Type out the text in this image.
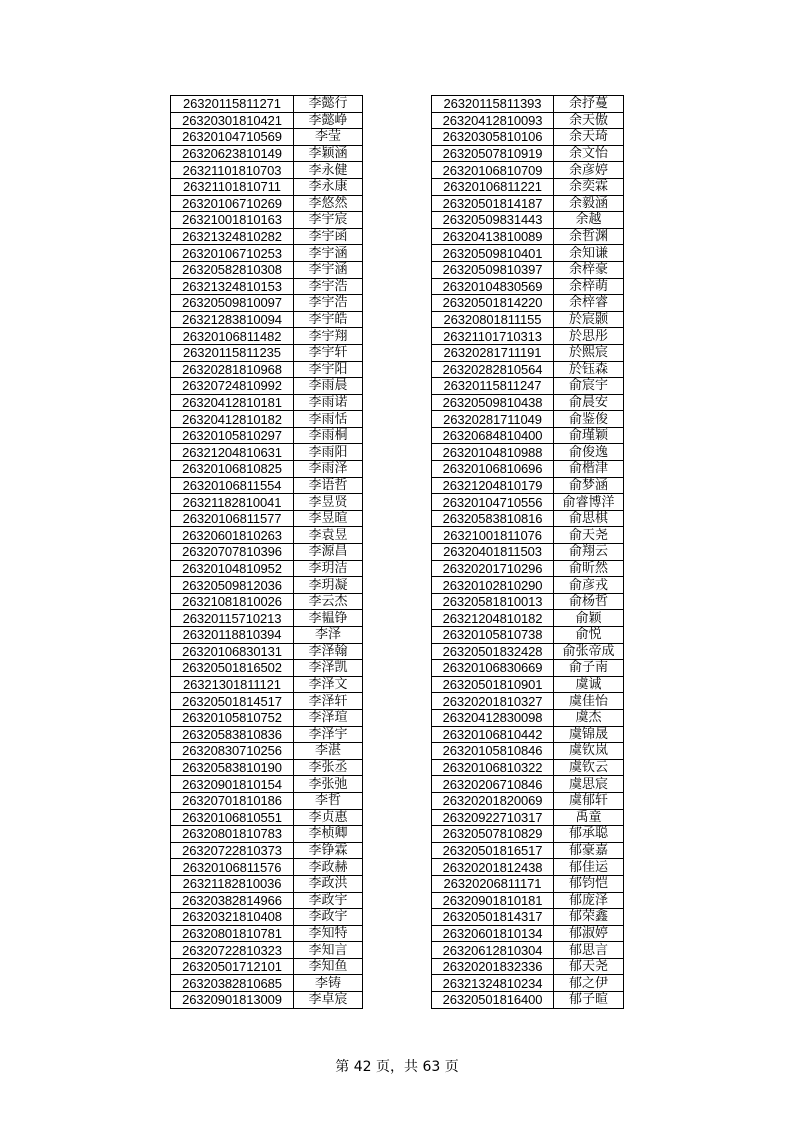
26320115811271	李懿行
26320301810421	李懿峥
26320104710569	李莹
26320623810149	李颖涵
26321101810703	李永健
26321101810711	李永康
26320106710269	李悠然
26321001810163	李宇宸
26321324810282	李宇函
26320106710253	李宇涵
26320582810308	李宇涵
26321324810153	李宇浩
26320509810097	李宇浩
26321283810094	李宇皓
26320106811482	李宇翔
26320115811235	李宇轩
26320281810968	李宇阳
26320724810992	李雨晨
26320412810181	李雨诺
26320412810182	李雨恬
26320105810297	李雨桐
26321204810631	李雨阳
26320106810825	李雨泽
26320106811554	李语哲
26321182810041	李昱贤
26320106811577	李昱暄
26320601810263	李袁昱
26320707810396	李源昌
26320104810952	李玥洁
26320509812036	李玥凝
26321081810026	李云杰
26320115710213	李韫铮
26320118810394	李泽
26320106830131	李泽翰
26320501816502	李泽凯
26321301811121	李泽文
26320501814517	李泽轩
26320105810752	李泽瑄
26320583810836	李泽宇
26320830710256	李湛
26320583810190	李张丞
26320901810154	李张弛
26320701810186	李哲
26320106810551	李贞惠
26320801810783	李桢卿
26320722810373	李铮霖
26320106811576	李政赫
26321182810036	李政洪
26320382814966	李政宇
26320321810408	李政宇
26320801810781	李知特
26320722810323	李知言
26320501712101	李知鱼
26320382810685	李铸
26320901813009	李卓宸
26320115811393	余抒蔓
26320412810093	余天傲
26320305810106	余天琦
26320507810919	余文怡
26320106810709	余彦婷
26320106811221	余奕霖
26320501814187	余毅涵
26320509831443	余越
26320413810089	余哲渊
26320509810401	余知谦
26320509810397	余梓豪
26320104830569	余梓萌
26320501814220	余梓睿
26320801811155	於宸颢
26321101710313	於思彤
26320281711191	於熙宸
26320282810564	於钰森
26320115811247	俞宸宇
26320509810438	俞晨安
26320281711049	俞鉴俊
26320684810400	俞瑾颖
26320104810988	俞俊逸
26320106810696	俞楷津
26321204810179	俞梦涵
26320104710556	俞睿博洋
26320583810816	俞思棋
26321001811076	俞天尧
26320401811503	俞翔云
26320201710296	俞昕然
26320102810290	俞彦戎
26320581810013	俞杨哲
26321204810182	俞颖
26320105810738	俞悦
26320501832428	俞张帝成
26320106830669	俞子南
26320501810901	虞诚
26320201810327	虞佳怡
26320412830098	虞杰
26320106810442	虞锦晟
26320105810846	虞钦岚
26320106810322	虞钦云
26320206710846	虞思宸
26320201820069	虞郁轩
26320922710317	禹童
26320507810829	郁承聪
26320501816517	郁豪嘉
26320201812438	郁佳运
26320206811171	郁钧恺
26320901810181	郁庞泽
26320501814317	郁荣鑫
26320601810134	郁淑婷
26320612810304	郁思言
26320201832336	郁天尧
26321324810234	郁之伊
26320501816400	郁子暄
第 42 页，共 63 页
